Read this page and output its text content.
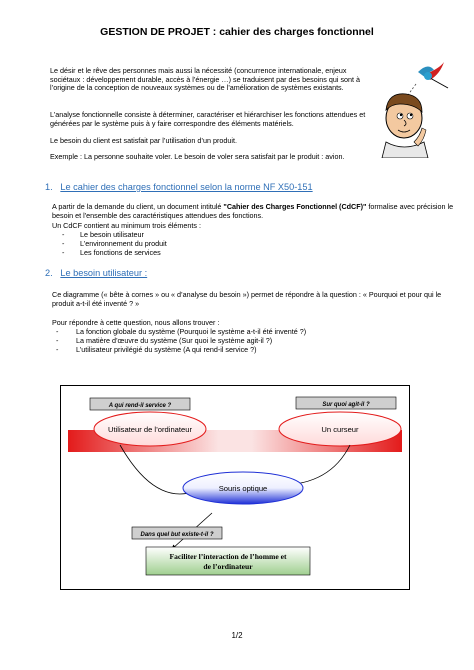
GESTION DE PROJET : cahier des charges fonctionnel
Le désir et le rêve des personnes mais aussi la nécessité (concurrence internationale, enjeux sociétaux : développement durable, accès à l’énergie …) se traduisent par des besoins qui sont à l’origine de la conception de nouveaux systèmes ou de l’amélioration de systèmes existants.
L’analyse fonctionnelle consiste à déterminer, caractériser et hiérarchiser les fonctions attendues et générées par le système puis à y faire correspondre des éléments matériels.
Le besoin du client est satisfait par l’utilisation d’un produit.
Exemple : La personne souhaite voler. Le besoin de voler sera satisfait par le produit : avion.
1. Le cahier des charges fonctionnel selon la norme NF X50-151
A partir de la demande du client, un document intitulé "Cahier des Charges Fonctionnel (CdCF)" formalise avec précision le besoin et l'ensemble des caractéristiques attendues des fonctions.
Un CdCF contient au minimum trois éléments :
-	Le besoin utilisateur
-	L’environnement du produit
-	Les fonctions de services
2. Le besoin utilisateur :
Ce diagramme (« bête à cornes » ou « d’analyse du besoin ») permet de répondre à la question : « Pourquoi et pour qui le produit a-t-il été inventé ? »
Pour répondre à cette question, nous allons trouver :
-	La fonction globale du système (Pourquoi le système a-t-il été inventé ?)
-	La matière d’œuvre du système (Sur quoi le système agit-il ?)
-	L’utilisateur privilégié du système (A qui rend-il service ?)
A qui rend-il service ?	Sur quoi agit-il ?
Utilisateur de l’ordinateur	Un curseur
Souris optique
Dans quel but existe-t-il ?
Faciliter l’interaction de l’homme et
de l’ordinateur
1/2
